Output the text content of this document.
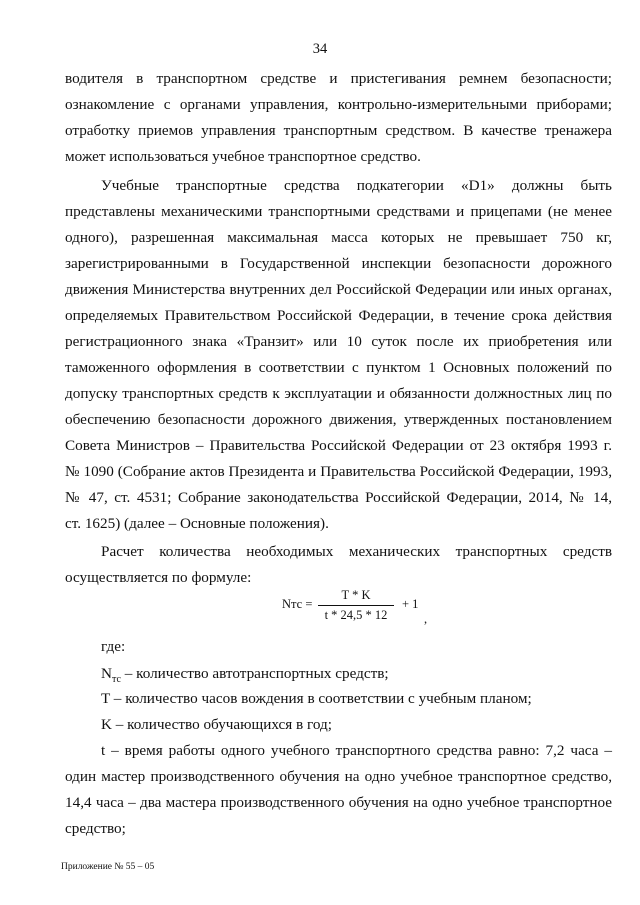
34
водителя в транспортном средстве и пристегивания ремнем безопасности;
ознакомление с органами управления, контрольно-измерительными приборами;
отработку приемов управления транспортным средством. В качестве тренажера
может использоваться учебное транспортное средство.
Учебные транспортные средства подкатегории «D1» должны быть
представлены механическими транспортными средствами и прицепами (не менее
одного), разрешенная максимальная масса которых не превышает 750 кг,
зарегистрированными в Государственной инспекции безопасности дорожного
движения Министерства внутренних дел Российской Федерации или иных органах,
определяемых Правительством Российской Федерации, в течение срока действия
регистрационного знака «Транзит» или 10 суток после их приобретения или
таможенного оформления в соответствии с пунктом 1 Основных положений по
допуску транспортных средств к эксплуатации и обязанности должностных лиц по
обеспечению безопасности дорожного движения, утвержденных постановлением
Совета Министров – Правительства Российской Федерации от 23 октября 1993 г.
№ 1090 (Собрание актов Президента и Правительства Российской Федерации, 1993,
№ 47, ст. 4531; Собрание законодательства Российской Федерации, 2014, № 14,
ст. 1625) (далее – Основные положения).
Расчет количества необходимых механических транспортных средств
осуществляется по формуле:
Nтс =
T * K
t * 24,5 * 12
+ 1
,
где:
$N_{тс}$ – количество автотранспортных средств;
T – количество часов вождения в соответствии с учебным планом;
K – количество обучающихся в год;
t – время работы одного учебного транспортного средства равно: 7,2 часа –
один мастер производственного обучения на одно учебное транспортное средство,
14,4 часа – два мастера производственного обучения на одно учебное транспортное
средство;
Приложение № 55 – 05
